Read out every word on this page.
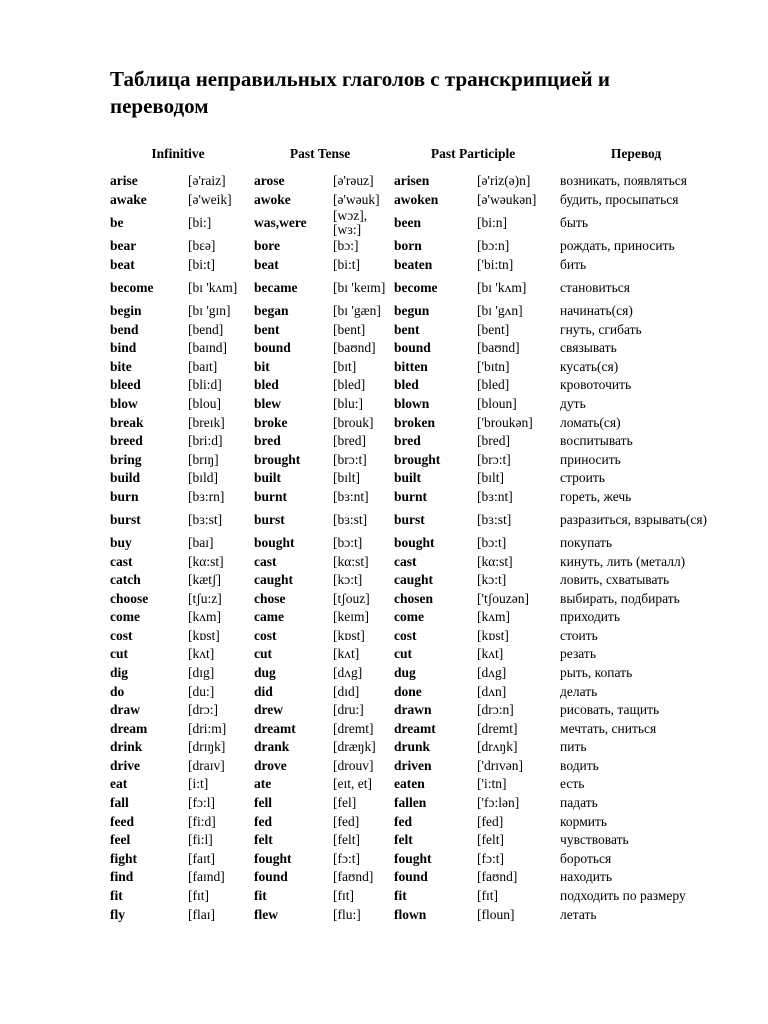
Таблица неправильных глаголов с транскрипцией и переводом
Infinitive		Past Tense		Past Participle		Перевод
arise	[ə'raiz]	arose	[ə'rəuz]	arisen	[ə'riz(ə)n]	возникать, появляться
awake	[ə'weik]	awoke	[ə'wəuk]	awoken	[ə'wəukən]	будить, просыпаться
be	[bi:]	was,were	[wɔz], [wɜ:]	been	[bi:n]	быть
bear	[bɛə]	bore	[bɔ:]	born	[bɔ:n]	рождать, приносить
beat	[bi:t]	beat	[bi:t]	beaten	['bi:tn]	бить
become	[bɪ 'kʌm]	became	[bɪ 'keɪm]	become	[bɪ 'kʌm]	становиться
begin	[bɪ 'gɪn]	began	[bɪ 'gæn]	begun	[bɪ 'gʌn]	начинать(ся)
bend	[bend]	bent	[bent]	bent	[bent]	гнуть, сгибать
bind	[baɪnd]	bound	[baʊnd]	bound	[baʊnd]	связывать
bite	[baɪt]	bit	[bɪt]	bitten	['bɪtn]	кусать(ся)
bleed	[bli:d]	bled	[bled]	bled	[bled]	кровоточить
blow	[blou]	blew	[blu:]	blown	[bloun]	дуть
break	[breɪk]	broke	[brouk]	broken	['broukən]	ломать(ся)
breed	[bri:d]	bred	[bred]	bred	[bred]	воспитывать
bring	[brɪŋ]	brought	[brɔ:t]	brought	[brɔ:t]	приносить
build	[bɪld]	built	[bɪlt]	built	[bɪlt]	строить
burn	[bɜ:rn]	burnt	[bɜ:nt]	burnt	[bɜ:nt]	гореть, жечь
burst	[bɜ:st]	burst	[bɜ:st]	burst	[bɜ:st]	разразиться, взрывать(ся)
buy	[baɪ]	bought	[bɔ:t]	bought	[bɔ:t]	покупать
cast	[kα:st]	cast	[kα:st]	cast	[kα:st]	кинуть, лить (металл)
catch	[kætʃ]	caught	[kɔ:t]	caught	[kɔ:t]	ловить, схватывать
choose	[tʃu:z]	chose	[tʃouz]	chosen	['tʃouzən]	выбирать, подбирать
come	[kʌm]	came	[keɪm]	come	[kʌm]	приходить
cost	[kɒst]	cost	[kɒst]	cost	[kɒst]	стоить
cut	[kʌt]	cut	[kʌt]	cut	[kʌt]	резать
dig	[dɪg]	dug	[dʌg]	dug	[dʌg]	рыть, копать
do	[du:]	did	[dɪd]	done	[dʌn]	делать
draw	[drɔ:]	drew	[dru:]	drawn	[drɔ:n]	рисовать, тащить
dream	[dri:m]	dreamt	[dremt]	dreamt	[dremt]	мечтать, сниться
drink	[drɪŋk]	drank	[dræŋk]	drunk	[drʌŋk]	пить
drive	[draɪv]	drove	[drouv]	driven	['drɪvən]	водить
eat	[i:t]	ate	[eɪt, et]	eaten	['i:tn]	есть
fall	[fɔ:l]	fell	[fel]	fallen	['fɔ:lən]	падать
feed	[fi:d]	fed	[fed]	fed	[fed]	кормить
feel	[fi:l]	felt	[felt]	felt	[felt]	чувствовать
fight	[faɪt]	fought	[fɔ:t]	fought	[fɔ:t]	бороться
find	[faɪnd]	found	[faʊnd]	found	[faʊnd]	находить
fit	[fɪt]	fit	[fɪt]	fit	[fɪt]	подходить по размеру
fly	[flaɪ]	flew	[flu:]	flown	[floun]	летать
